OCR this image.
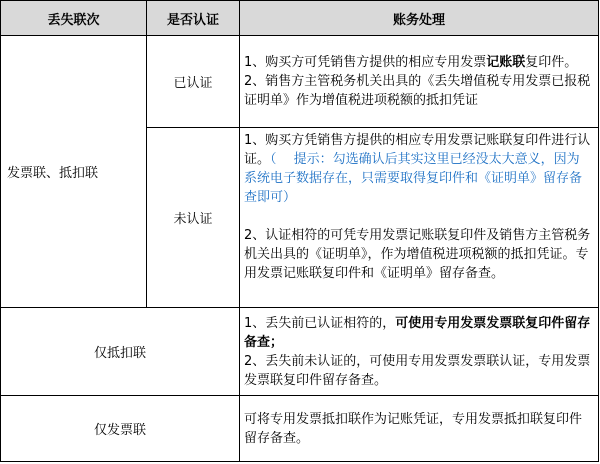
丢失联次	是否认证	账务处理
发票联、抵扣联	已认证	1、购买方可凭销售方提供的相应专用发票记账联复印件。
2、销售方主管税务机关出具的《丢失增值税专用发票已报税证明单》作为增值税进项税额的抵扣凭证

	未认证	1、购买方凭销售方提供的相应专用发票记账联复印件进行认证。（　 提示：勾选确认后其实这里已经没太大意义，因为系统电子数据存在，只需要取得复印件和《证明单》留存备查即可）
2、认证相符的可凭专用发票记账联复印件及销售方主管税务机关出具的《证明单》，作为增值税进项税额的抵扣凭证。专用发票记账联复印件和《证明单》留存备查。

仅抵扣联		1、丢失前已认证相符的，可使用专用发票发票联复印件留存备查；
2、丢失前未认证的，可使用专用发票发票联认证，专用发票发票联复印件留存备查。

仅发票联		可将专用发票抵扣联作为记账凭证，专用发票抵扣联复印件留存备查。
